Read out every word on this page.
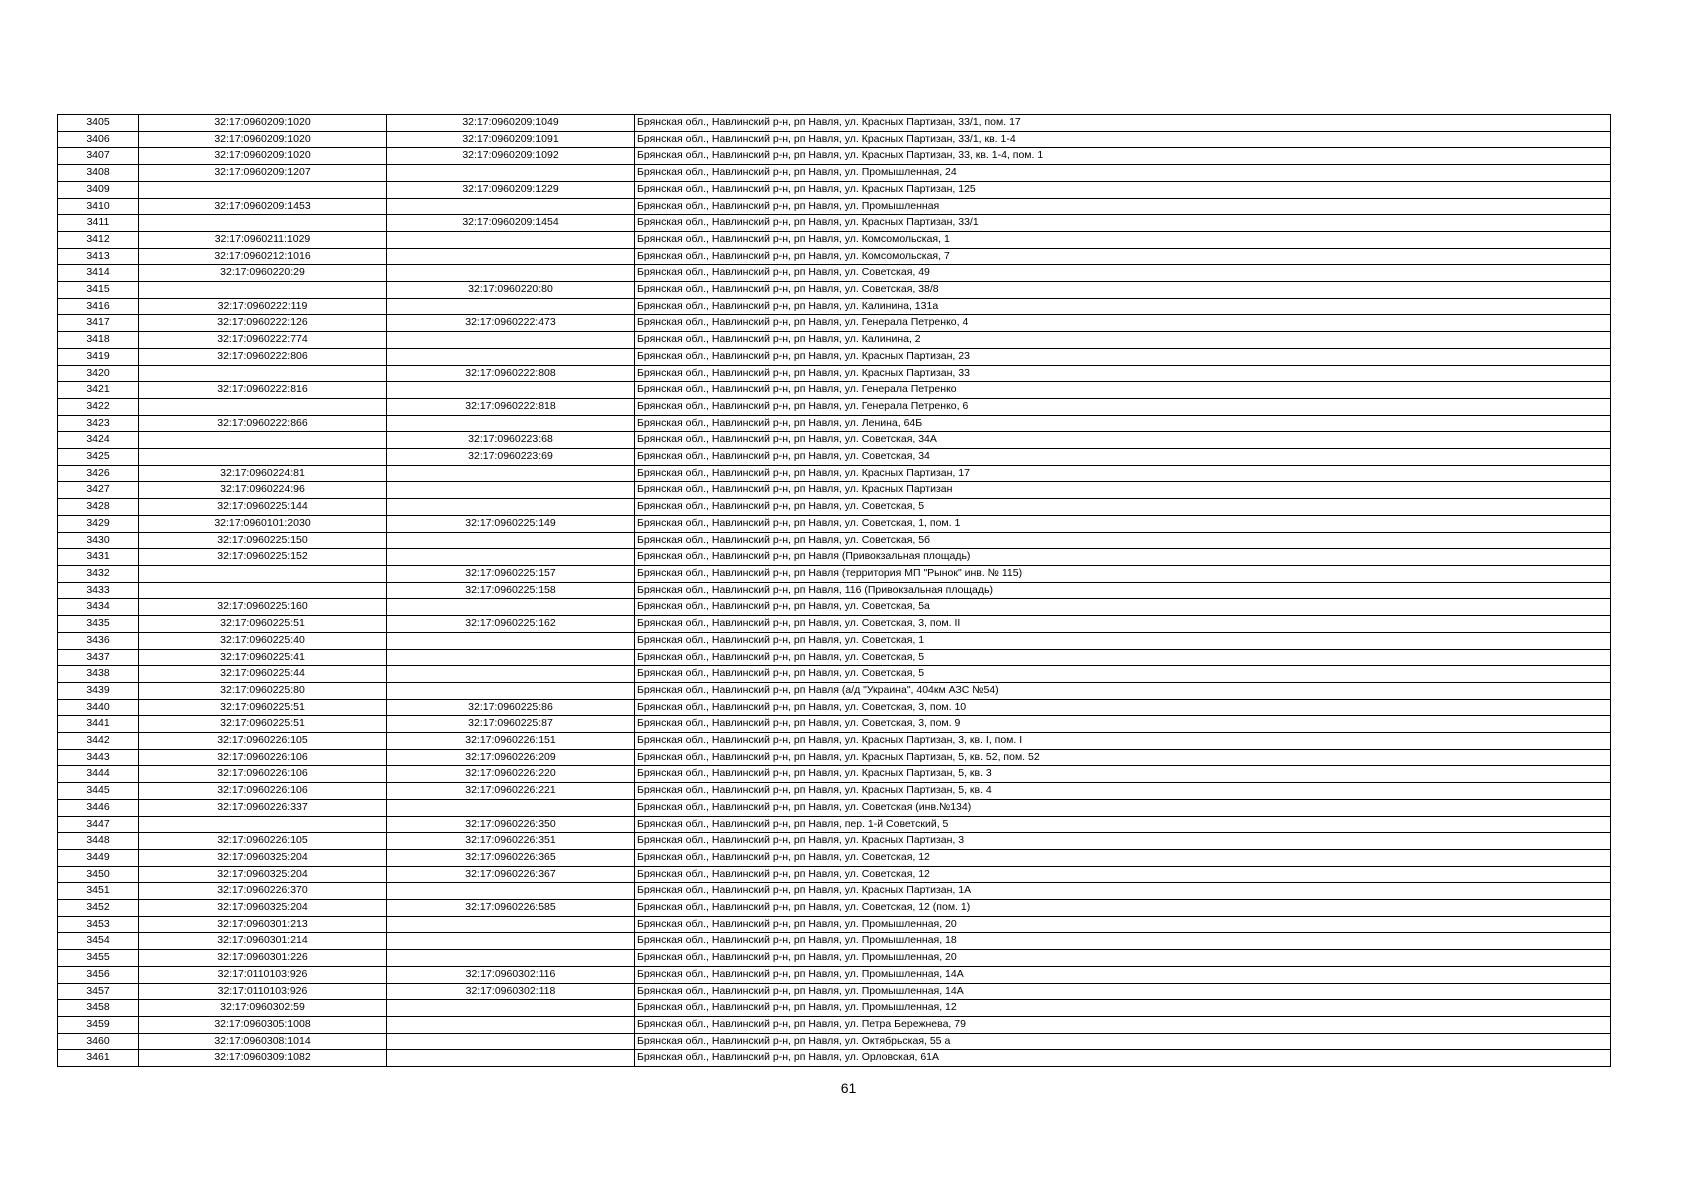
3405	32:17:0960209:1020	32:17:0960209:1049	Брянская обл., Навлинский р-н, рп Навля, ул. Красных Партизан, 33/1, пом. 17
3406	32:17:0960209:1020	32:17:0960209:1091	Брянская обл., Навлинский р-н, рп Навля, ул. Красных Партизан, 33/1, кв. 1-4
3407	32:17:0960209:1020	32:17:0960209:1092	Брянская обл., Навлинский р-н, рп Навля, ул. Красных Партизан, 33, кв. 1-4, пом. 1
3408	32:17:0960209:1207		Брянская обл., Навлинский р-н, рп Навля, ул. Промышленная, 24
3409		32:17:0960209:1229	Брянская обл., Навлинский р-н, рп Навля, ул. Красных Партизан, 125
3410	32:17:0960209:1453		Брянская обл., Навлинский р-н, рп Навля, ул. Промышленная
3411		32:17:0960209:1454	Брянская обл., Навлинский р-н, рп Навля, ул. Красных Партизан, 33/1
3412	32:17:0960211:1029		Брянская обл., Навлинский р-н, рп Навля, ул. Комсомольская, 1
3413	32:17:0960212:1016		Брянская обл., Навлинский р-н, рп Навля, ул. Комсомольская, 7
3414	32:17:0960220:29		Брянская обл., Навлинский р-н, рп Навля, ул. Советская, 49
3415		32:17:0960220:80	Брянская обл., Навлинский р-н, рп Навля, ул. Советская, 38/8
3416	32:17:0960222:119		Брянская обл., Навлинский р-н, рп Навля, ул. Калинина, 131а
3417	32:17:0960222:126	32:17:0960222:473	Брянская обл., Навлинский р-н, рп Навля, ул. Генерала Петренко, 4
3418	32:17:0960222:774		Брянская обл., Навлинский р-н, рп Навля, ул. Калинина, 2
3419	32:17:0960222:806		Брянская обл., Навлинский р-н, рп Навля, ул. Красных Партизан, 23
3420		32:17:0960222:808	Брянская обл., Навлинский р-н, рп Навля, ул. Красных Партизан, 33
3421	32:17:0960222:816		Брянская обл., Навлинский р-н, рп Навля, ул. Генерала Петренко
3422		32:17:0960222:818	Брянская обл., Навлинский р-н, рп Навля, ул. Генерала Петренко, 6
3423	32:17:0960222:866		Брянская обл., Навлинский р-н, рп Навля, ул. Ленина, 64Б
3424		32:17:0960223:68	Брянская обл., Навлинский р-н, рп Навля, ул. Советская, 34А
3425		32:17:0960223:69	Брянская обл., Навлинский р-н, рп Навля, ул. Советская, 34
3426	32:17:0960224:81		Брянская обл., Навлинский р-н, рп Навля, ул. Красных Партизан, 17
3427	32:17:0960224:96		Брянская обл., Навлинский р-н, рп Навля, ул. Красных Партизан
3428	32:17:0960225:144		Брянская обл., Навлинский р-н, рп Навля, ул. Советская, 5
3429	32:17:0960101:2030	32:17:0960225:149	Брянская обл., Навлинский р-н, рп Навля, ул. Советская, 1, пом. 1
3430	32:17:0960225:150		Брянская обл., Навлинский р-н, рп Навля, ул. Советская, 5б
3431	32:17:0960225:152		Брянская обл., Навлинский р-н, рп Навля (Привокзальная площадь)
3432		32:17:0960225:157	Брянская обл., Навлинский р-н, рп Навля (территория МП "Рынок" инв. № 115)
3433		32:17:0960225:158	Брянская обл., Навлинский р-н, рп Навля, 116 (Привокзальная площадь)
3434	32:17:0960225:160		Брянская обл., Навлинский р-н, рп Навля, ул. Советская, 5а
3435	32:17:0960225:51	32:17:0960225:162	Брянская обл., Навлинский р-н, рп Навля, ул. Советская, 3, пом. II
3436	32:17:0960225:40		Брянская обл., Навлинский р-н, рп Навля, ул. Советская, 1
3437	32:17:0960225:41		Брянская обл., Навлинский р-н, рп Навля, ул. Советская, 5
3438	32:17:0960225:44		Брянская обл., Навлинский р-н, рп Навля, ул. Советская, 5
3439	32:17:0960225:80		Брянская обл., Навлинский р-н, рп Навля (а/д "Украина", 404км АЗС №54)
3440	32:17:0960225:51	32:17:0960225:86	Брянская обл., Навлинский р-н, рп Навля, ул. Советская, 3, пом. 10
3441	32:17:0960225:51	32:17:0960225:87	Брянская обл., Навлинский р-н, рп Навля, ул. Советская, 3, пом. 9
3442	32:17:0960226:105	32:17:0960226:151	Брянская обл., Навлинский р-н, рп Навля, ул. Красных Партизан, 3, кв. I, пом. I
3443	32:17:0960226:106	32:17:0960226:209	Брянская обл., Навлинский р-н, рп Навля, ул. Красных Партизан, 5, кв. 52, пом. 52
3444	32:17:0960226:106	32:17:0960226:220	Брянская обл., Навлинский р-н, рп Навля, ул. Красных Партизан, 5, кв. 3
3445	32:17:0960226:106	32:17:0960226:221	Брянская обл., Навлинский р-н, рп Навля, ул. Красных Партизан, 5, кв. 4
3446	32:17:0960226:337		Брянская обл., Навлинский р-н, рп Навля, ул. Советская (инв.№134)
3447		32:17:0960226:350	Брянская обл., Навлинский р-н, рп Навля, пер. 1-й Советский, 5
3448	32:17:0960226:105	32:17:0960226:351	Брянская обл., Навлинский р-н, рп Навля, ул. Красных Партизан, 3
3449	32:17:0960325:204	32:17:0960226:365	Брянская обл., Навлинский р-н, рп Навля, ул. Советская, 12
3450	32:17:0960325:204	32:17:0960226:367	Брянская обл., Навлинский р-н, рп Навля, ул. Советская, 12
3451	32:17:0960226:370		Брянская обл., Навлинский р-н, рп Навля, ул. Красных Партизан, 1А
3452	32:17:0960325:204	32:17:0960226:585	Брянская обл., Навлинский р-н, рп Навля, ул. Советская, 12 (пом. 1)
3453	32:17:0960301:213		Брянская обл., Навлинский р-н, рп Навля, ул. Промышленная, 20
3454	32:17:0960301:214		Брянская обл., Навлинский р-н, рп Навля, ул. Промышленная, 18
3455	32:17:0960301:226		Брянская обл., Навлинский р-н, рп Навля, ул. Промышленная, 20
3456	32:17:0110103:926	32:17:0960302:116	Брянская обл., Навлинский р-н, рп Навля, ул. Промышленная, 14А
3457	32:17:0110103:926	32:17:0960302:118	Брянская обл., Навлинский р-н, рп Навля, ул. Промышленная, 14А
3458	32:17:0960302:59		Брянская обл., Навлинский р-н, рп Навля, ул. Промышленная, 12
3459	32:17:0960305:1008		Брянская обл., Навлинский р-н, рп Навля, ул. Петра Бережнева, 79
3460	32:17:0960308:1014		Брянская обл., Навлинский р-н, рп Навля, ул. Октябрьская, 55 а
3461	32:17:0960309:1082		Брянская обл., Навлинский р-н, рп Навля, ул. Орловская, 61А
61
